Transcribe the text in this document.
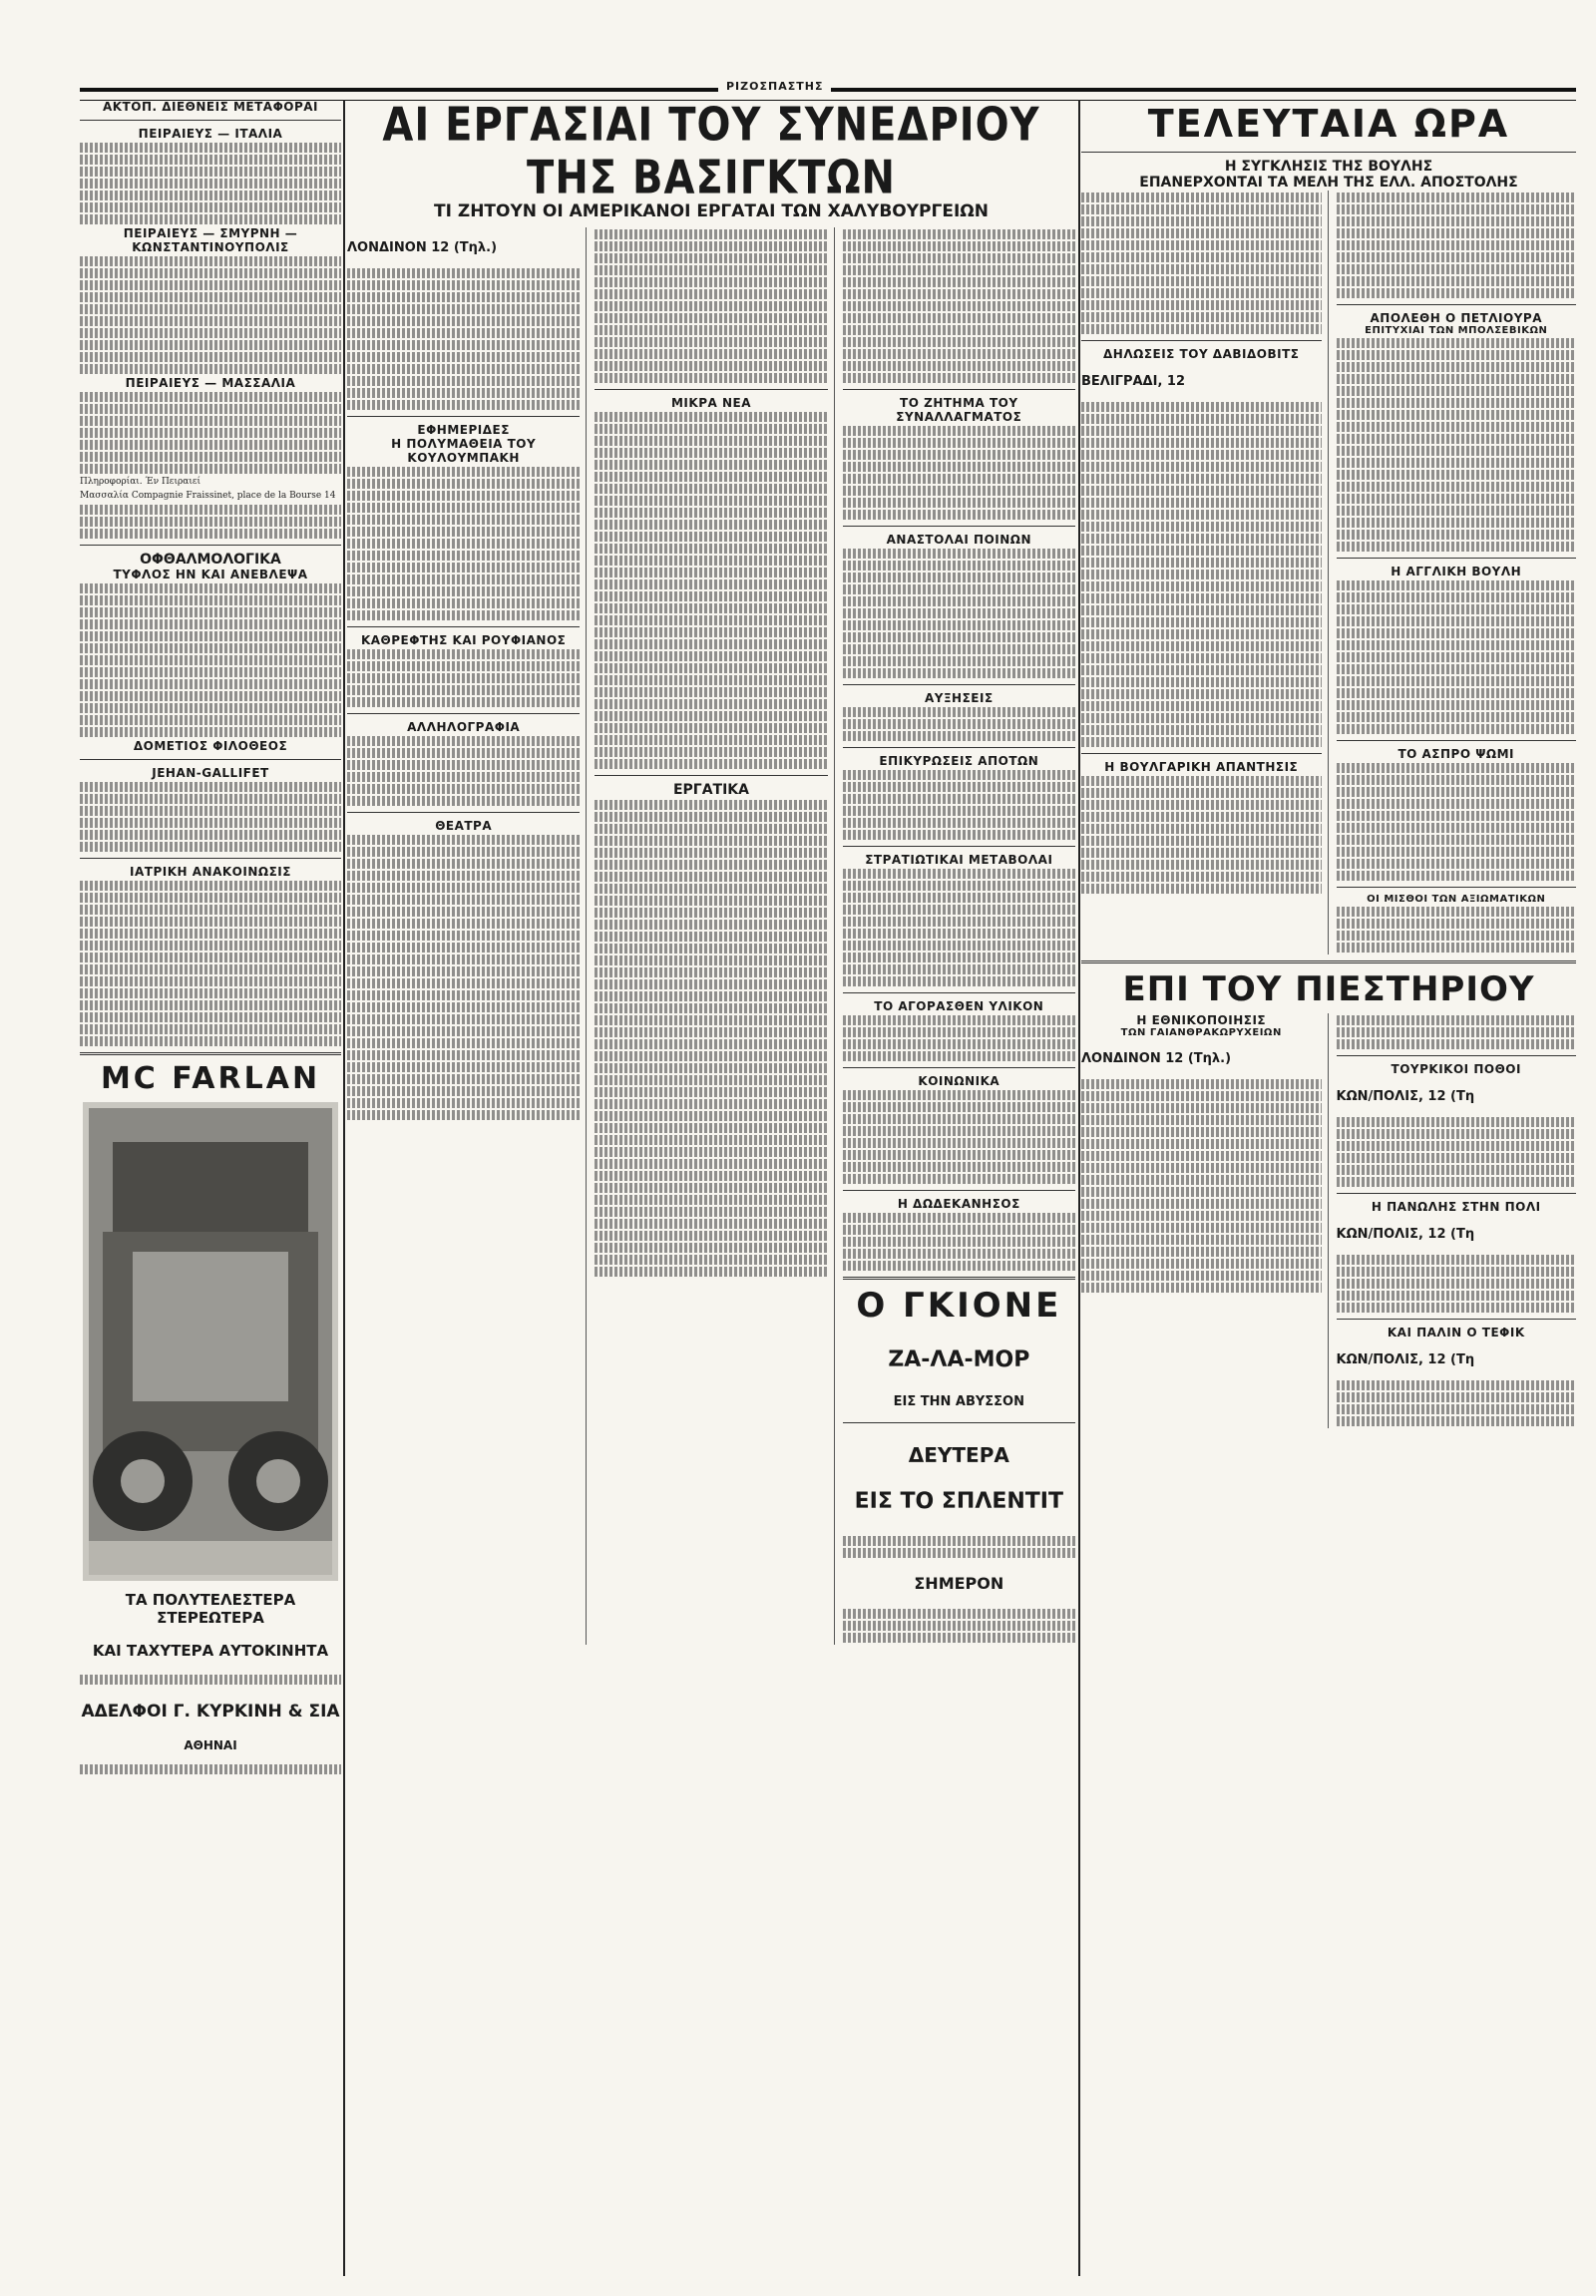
ΡΙΖΟΣΠΑΣΤΗΣ

ΑΚΤΟΠ. ΔΙΕΘΝΕΙΣ ΜΕΤΑΦΟΡΑΙ

ΠΕΙΡΑΙΕΥΣ — ΙΤΑΛΙΑ

ΠΕΙΡΑΙΕΥΣ — ΣΜΥΡΝΗ — ΚΩΝΣΤΑΝΤΙΝΟΥΠΟΛΙΣ

ΠΕΙΡΑΙΕΥΣ — ΜΑΣΣΑΛΙΑ

Πληροφορίαι. Έν Πειραιεί

Μασσαλία Compagnie Fraissinet, place de la Bourse 14

ΟΦΘΑΛΜΟΛΟΓΙΚΑ

ΤΥΦΛΟΣ ΗΝ ΚΑΙ ΑΝΕΒΛΕΨΑ

ΔΟΜΕΤΙΟΣ ΦΙΛΟΘΕΟΣ

JEHAN-GALLIFET

ΙΑΤΡΙΚΗ ΑΝΑΚΟΙΝΩΣΙΣ

MC FARLAN

ΤΑ ΠΟΛΥΤΕΛΕΣΤΕΡΑ ΣΤΕΡΕΩΤΕΡΑ

ΚΑΙ ΤΑΧΥΤΕΡΑ ΑΥΤΟΚΙΝΗΤΑ

ΑΔΕΛΦΟΙ Γ. ΚΥΡΚΙΝΗ & ΣΙΑ

ΑΘΗΝΑΙ

ΑΙ ΕΡΓΑΣΙΑΙ ΤΟΥ ΣΥΝΕΔΡΙΟΥ ΤΗΣ ΒΑΣΙΓΚΤΩΝ

ΤΙ ΖΗΤΟΥΝ ΟΙ ΑΜΕΡΙΚΑΝΟΙ ΕΡΓΑΤΑΙ ΤΩΝ ΧΑΛΥΒΟΥΡΓΕΙΩΝ

ΛΟΝΔΙΝΟΝ 12 (Τηλ.)

ΕΦΗΜΕΡΙΔΕΣ

Η ΠΟΛΥΜΑΘΕΙΑ ΤΟΥ ΚΟΥΛΟΥΜΠΑΚΗ

ΚΑΘΡΕΦΤΗΣ ΚΑΙ ΡΟΥΦΙΑΝΟΣ

ΑΛΛΗΛΟΓΡΑΦΙΑ

ΘΕΑΤΡΑ

ΜΙΚΡΑ ΝΕΑ

ΕΡΓΑΤΙΚΑ

ΤΟ ΖΗΤΗΜΑ ΤΟΥ ΣΥΝΑΛΛΑΓΜΑΤΟΣ

ΑΝΑΣΤΟΛΑΙ ΠΟΙΝΩΝ

ΑΥΞΗΣΕΙΣ

ΕΠΙΚΥΡΩΣΕΙΣ ΑΠΟΤΩΝ

ΣΤΡΑΤΙΩΤΙΚΑΙ ΜΕΤΑΒΟΛΑΙ

ΤΟ ΑΓΟΡΑΣΘΕΝ ΥΛΙΚΟΝ

ΚΟΙΝΩΝΙΚΑ

Η ΔΩΔΕΚΑΝΗΣΟΣ

Ο ΓΚΙΟΝΕ

ΖΑ-ΛΑ-ΜΟΡ

ΕΙΣ ΤΗΝ ΑΒΥΣΣΟΝ

ΔΕΥΤΕΡΑ

ΕΙΣ ΤΟ ΣΠΛΕΝΤΙΤ

ΣΗΜΕΡΟΝ

ΤΕΛΕΥΤΑΙΑ ΩΡΑ

Η ΣΥΓΚΛΗΣΙΣ ΤΗΣ ΒΟΥΛΗΣ

ΕΠΑΝΕΡΧΟΝΤΑΙ ΤΑ ΜΕΛΗ ΤΗΣ ΕΛΛ. ΑΠΟΣΤΟΛΗΣ

ΔΗΛΩΣΕΙΣ ΤΟΥ ΔΑΒΙΔΟΒΙΤΣ

ΒΕΛΙΓΡΑΔΙ, 12

Η ΒΟΥΛΓΑΡΙΚΗ ΑΠΑΝΤΗΣΙΣ

ΑΠΟΛΕΘΗ Ο ΠΕΤΛΙΟΥΡΑ

ΕΠΙΤΥΧΙΑΙ ΤΩΝ ΜΠΟΛΣΕΒΙΚΩΝ

Η ΑΓΓΛΙΚΗ ΒΟΥΛΗ

ΤΟ ΑΣΠΡΟ ΨΩΜΙ

ΟΙ ΜΙΣΘΟΙ ΤΩΝ ΑΞΙΩΜΑΤΙΚΩΝ

ΕΠΙ ΤΟΥ ΠΙΕΣΤΗΡΙΟΥ

Η ΕΘΝΙΚΟΠΟΙΗΣΙΣ

ΤΩΝ ΓΑΙΑΝΘΡΑΚΩΡΥΧΕΙΩΝ

ΛΟΝΔΙΝΟΝ 12 (Τηλ.)

ΤΟΥΡΚΙΚΟΙ ΠΟΘΟΙ

ΚΩΝ/ΠΟΛΙΣ, 12 (Τη

Η ΠΑΝΩΛΗΣ ΣΤΗΝ ΠΟΛΙ

ΚΩΝ/ΠΟΛΙΣ, 12 (Τη

ΚΑΙ ΠΑΛΙΝ Ο ΤΕΦΙΚ

ΚΩΝ/ΠΟΛΙΣ, 12 (Τη
